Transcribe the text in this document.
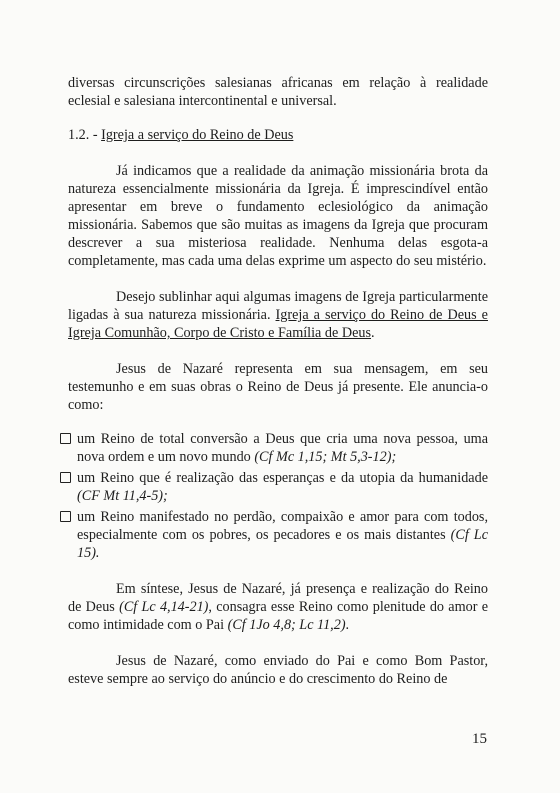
diversas circunscrições salesianas africanas em relação à realidade eclesial e salesiana intercontinental e universal.

1.2. - Igreja a serviço do Reino de Deus

Já indicamos que a realidade da animação missionária brota da natureza essencialmente missionária da Igreja. É imprescindível então apresentar em breve o fundamento eclesiológico da animação missionária. Sabemos que são muitas as imagens da Igreja que procuram descrever a sua misteriosa realidade. Nenhuma delas esgota-a completamente, mas cada uma delas exprime um aspecto do seu mistério.

Desejo sublinhar aqui algumas imagens de Igreja particularmente ligadas à sua natureza missionária. Igreja a serviço do Reino de Deus e Igreja Comunhão, Corpo de Cristo e Família de Deus.

Jesus de Nazaré representa em sua mensagem, em seu testemunho e em suas obras o Reino de Deus já presente. Ele anuncia-o como:

um Reino de total conversão a Deus que cria uma nova pessoa, uma nova ordem e um novo mundo (Cf Mc 1,15; Mt 5,3-12);
um Reino que é realização das esperanças e da utopia da humanidade (CF Mt 11,4-5);
um Reino manifestado no perdão, compaixão e amor para com todos, especialmente com os pobres, os pecadores e os mais distantes (Cf Lc 15).

Em síntese, Jesus de Nazaré, já presença e realização do Reino de Deus (Cf Lc 4,14-21), consagra esse Reino como plenitude do amor e como intimidade com o Pai (Cf 1Jo 4,8; Lc 11,2).

Jesus de Nazaré, como enviado do Pai e como Bom Pastor, esteve sempre ao serviço do anúncio e do crescimento do Reino de

15
